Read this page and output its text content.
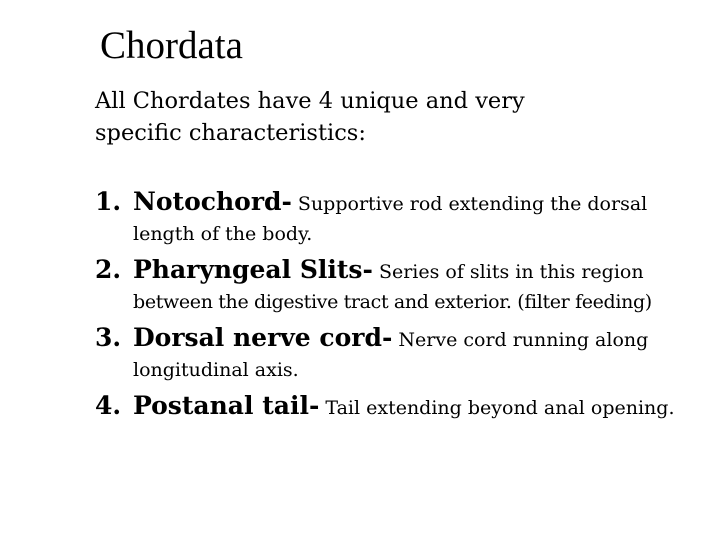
Chordata

All Chordates have 4 unique and very specific characteristics:

1. Notochord- Supportive rod extending the dorsal
length of the body.
2. Pharyngeal Slits- Series of slits in this region
between the digestive tract and exterior. (filter feeding)
3. Dorsal nerve cord- Nerve cord running along
longitudinal axis.
4. Postanal tail- Tail extending beyond anal opening.
